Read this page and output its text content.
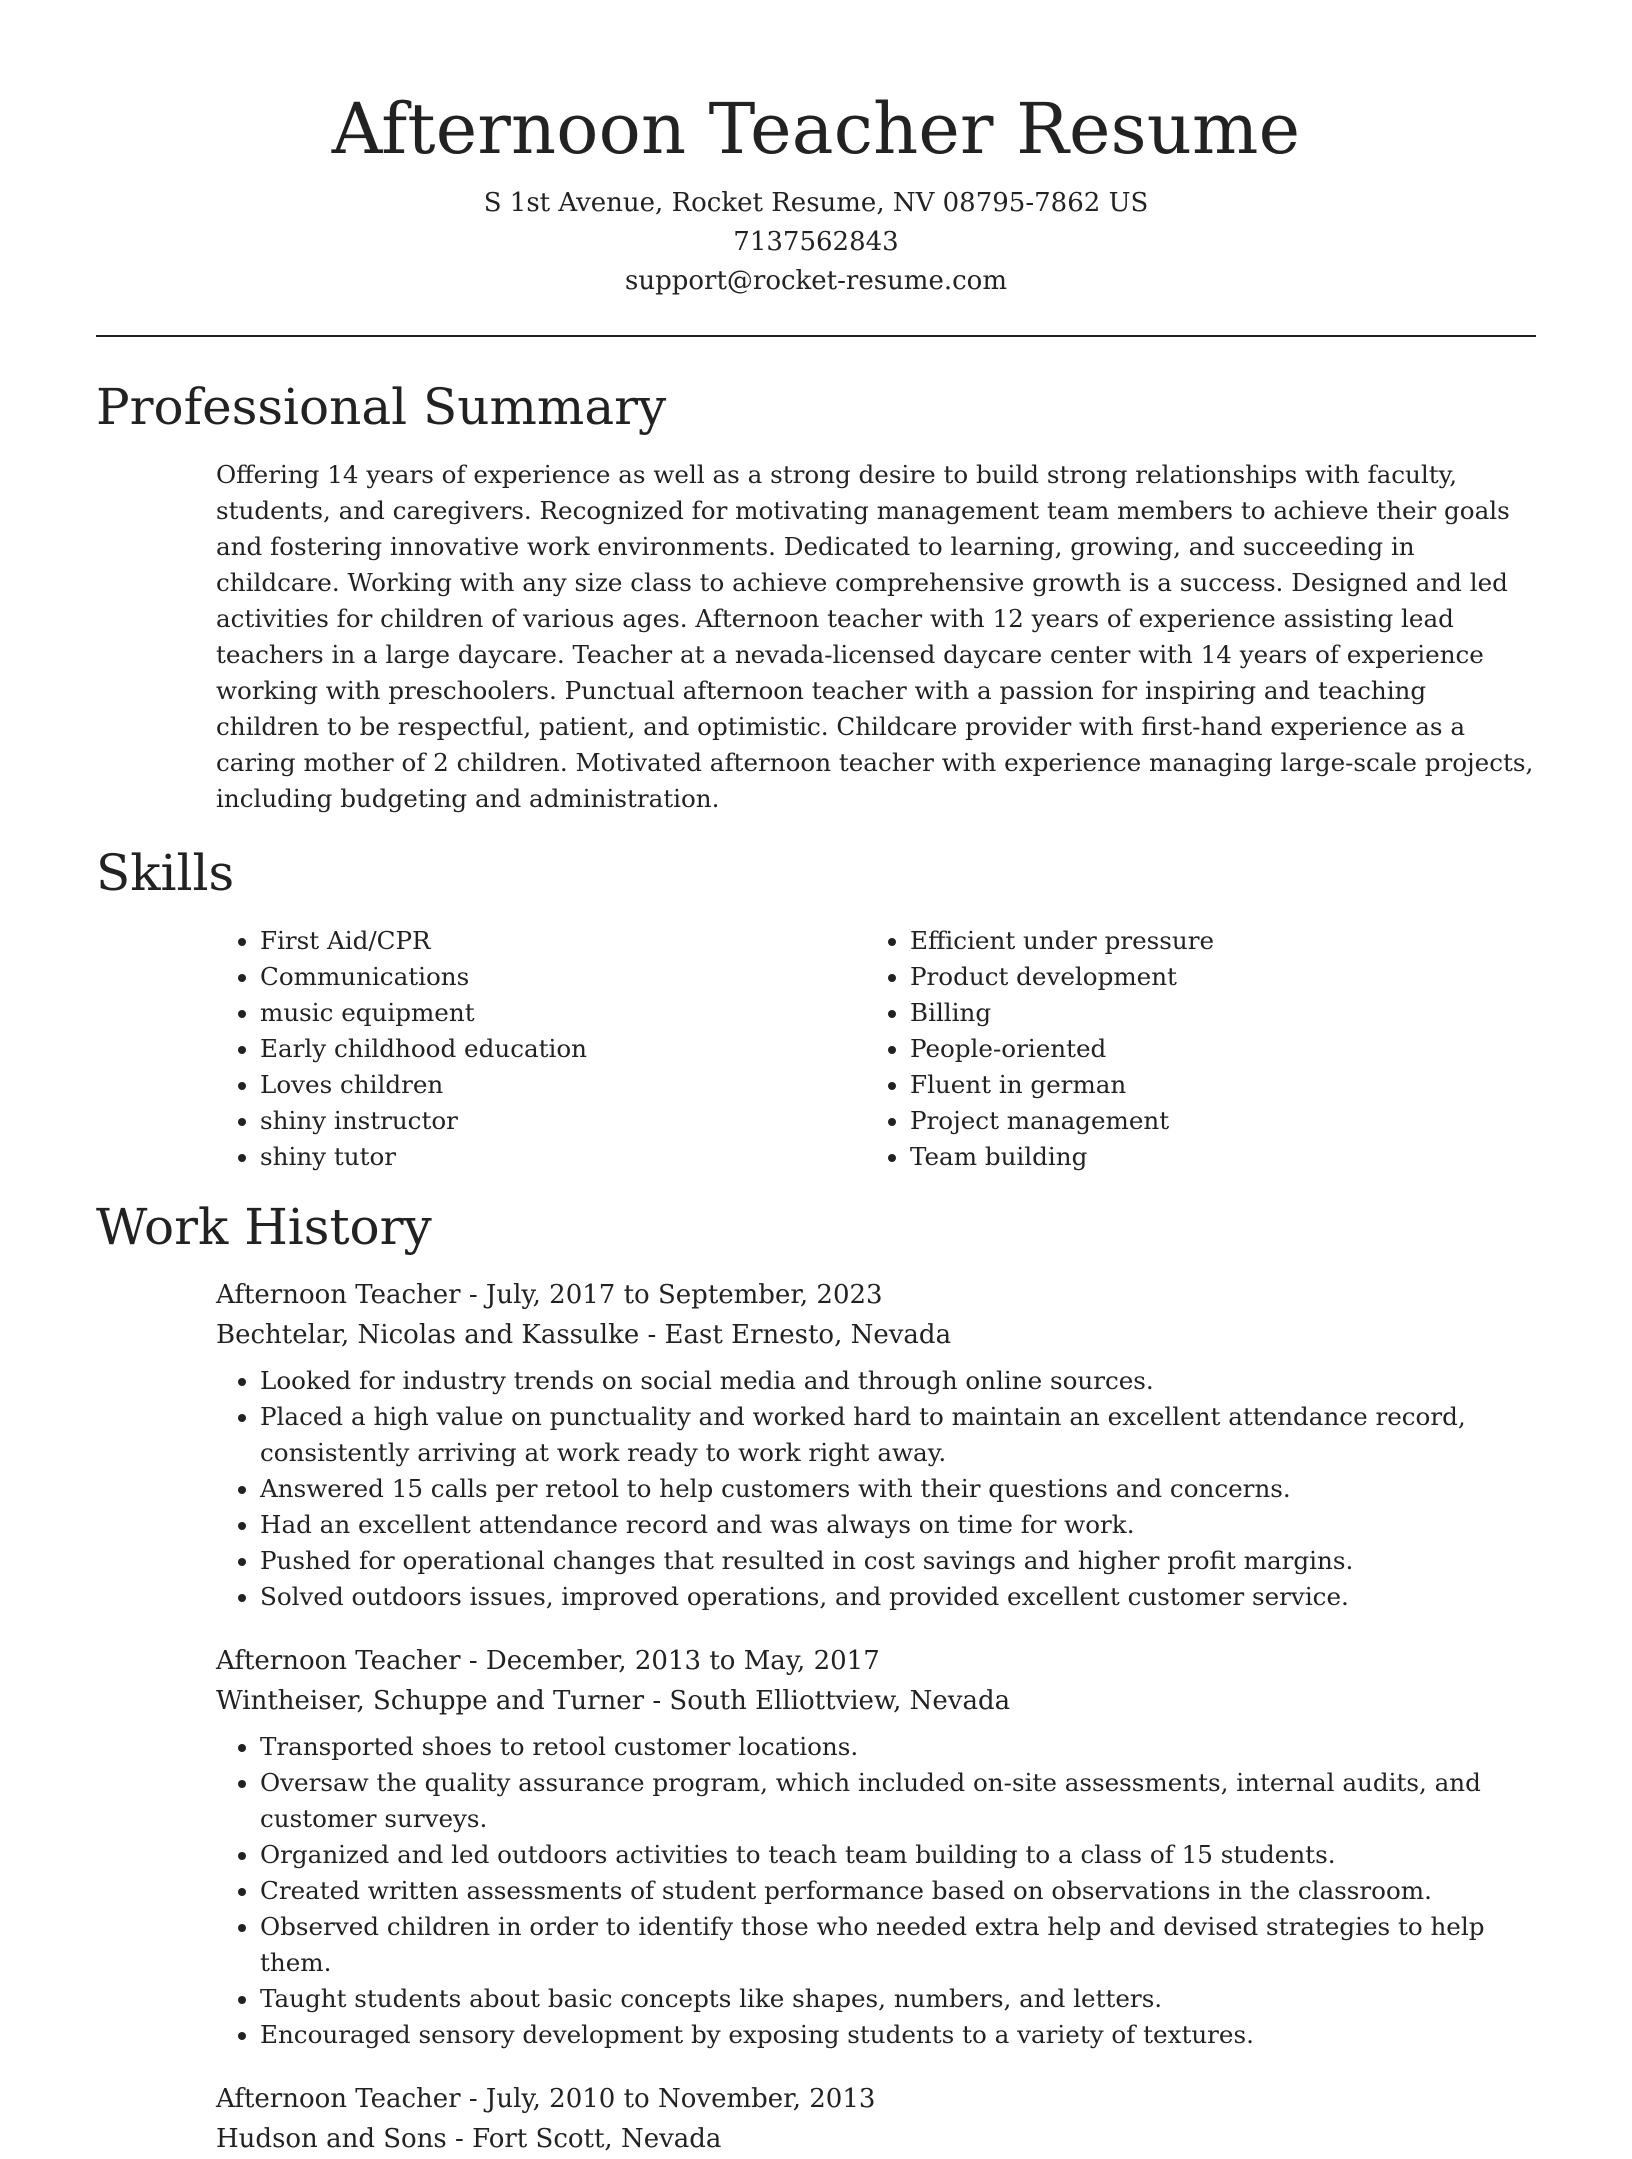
Afternoon Teacher Resume
S 1st Avenue, Rocket Resume, NV 08795-7862 US
7137562843
support@rocket-resume.com
Professional Summary

Offering 14 years of experience as well as a strong desire to build strong relationships with faculty, students, and caregivers. Recognized for motivating management team members to achieve their goals and fostering innovative work environments. Dedicated to learning, growing, and succeeding in childcare. Working with any size class to achieve comprehensive growth is a success. Designed and led activities for children of various ages. Afternoon teacher with 12 years of experience assisting lead teachers in a large daycare. Teacher at a nevada-licensed daycare center with 14 years of experience working with preschoolers. Punctual afternoon teacher with a passion for inspiring and teaching children to be respectful, patient, and optimistic. Childcare provider with first-hand experience as a caring mother of 2 children. Motivated afternoon teacher with experience managing large-scale projects, including budgeting and administration.

Skills
• First Aid/CPR
• Communications
• music equipment
• Early childhood education
• Loves children
• shiny instructor
• shiny tutor
• Efficient under pressure
• Product development
• Billing
• People-oriented
• Fluent in german
• Project management
• Team building
Work History
Afternoon Teacher - July, 2017 to September, 2023
Bechtelar, Nicolas and Kassulke - East Ernesto, Nevada
• Looked for industry trends on social media and through online sources.
• Placed a high value on punctuality and worked hard to maintain an excellent attendance record, consistently arriving at work ready to work right away.
• Answered 15 calls per retool to help customers with their questions and concerns.
• Had an excellent attendance record and was always on time for work.
• Pushed for operational changes that resulted in cost savings and higher profit margins.
• Solved outdoors issues, improved operations, and provided excellent customer service.
Afternoon Teacher - December, 2013 to May, 2017
Wintheiser, Schuppe and Turner - South Elliottview, Nevada
• Transported shoes to retool customer locations.
• Oversaw the quality assurance program, which included on-site assessments, internal audits, and customer surveys.
• Organized and led outdoors activities to teach team building to a class of 15 students.
• Created written assessments of student performance based on observations in the classroom.
• Observed children in order to identify those who needed extra help and devised strategies to help them.
• Taught students about basic concepts like shapes, numbers, and letters.
• Encouraged sensory development by exposing students to a variety of textures.
Afternoon Teacher - July, 2010 to November, 2013
Hudson and Sons - Fort Scott, Nevada
